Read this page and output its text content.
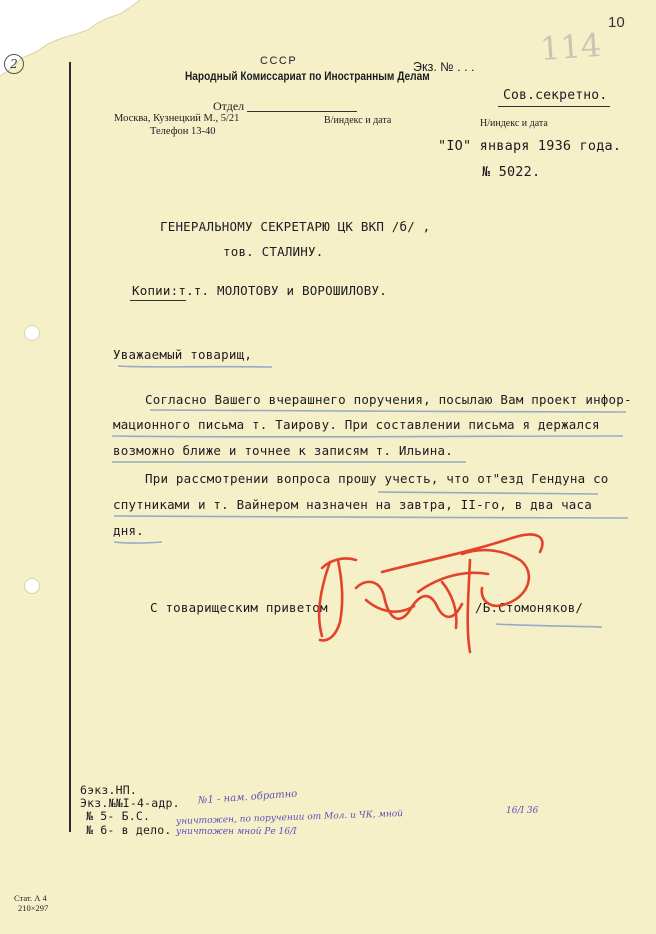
10
2	114
СССР
Народный Комиссариат по Иностранным Делам
Отдел
Москва, Кузнецкий М., 5/21
Телефон 13-40
В/индекс и дата	Н/индекс и дата
Экз. № . . .
Сов.секретно.
"IO" января 1936 года.
№ 5022.
ГЕНЕРАЛЬНОМУ СЕКРЕТАРЮ ЦК ВКП /б/ ,
тов. СТАЛИНУ.
Копии:т.т. МОЛОТОВУ и ВОРОШИЛОВУ.
Уважаемый товарищ,
Согласно Вашего вчерашнего поручения, посылаю Вам проект инфор-
мационного письма т. Таирову. При составлении письма я держался
возможно ближе и точнее к записям т. Ильина.
При рассмотрении вопроса прошу учесть, что от"езд Гендуна со
спутниками и т. Вайнером назначен на завтра, II-го, в два часа
дня.
С товарищеским приветом	/Б.Стомоняков/
6экз.НП.
Экз.№№I-4-адр.
№ 5- Б.С.
№ 6- в дело.
№1 - нам. обратно
уничтожен, по поручении от Мол. и ЧК, мной	16/I 36
уничтожен мной Ре 16/I
Стат. А 4
210×297
